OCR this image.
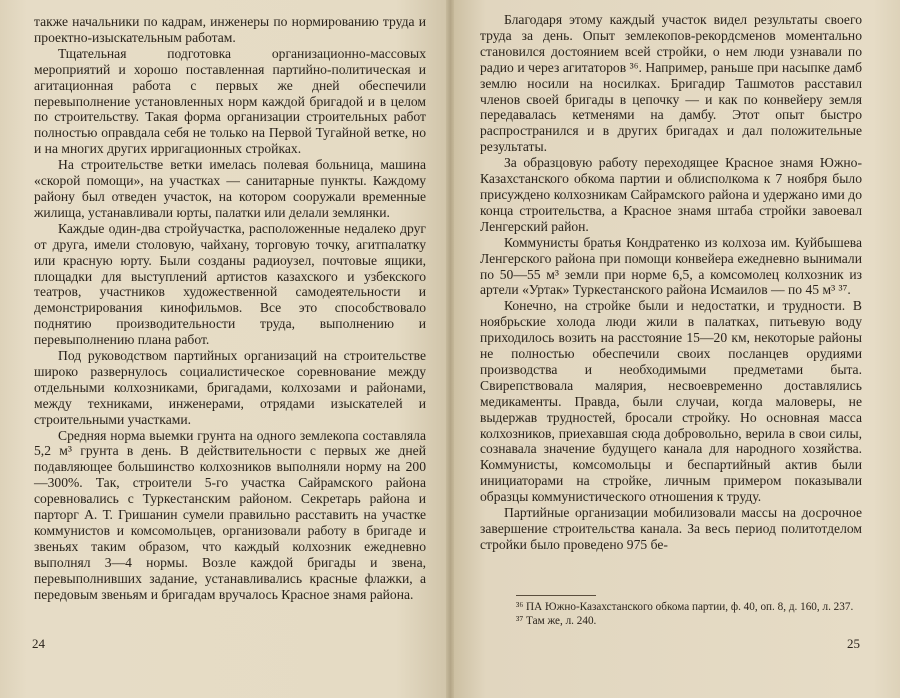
также начальники по кадрам, инженеры по нормированию труда и проектно-изыскательным работам.

Тщательная подготовка организационно-массовых мероприятий и хорошо поставленная партийно-политическая и агитационная работа с первых же дней обеспечили перевыполнение установленных норм каждой бригадой и в целом по строительству. Такая форма организации строительных работ полностью оправдала себя не только на Первой Тугайной ветке, но и на многих других ирригационных стройках.

На строительстве ветки имелась полевая больница, машина «скорой помощи», на участках — санитарные пункты. Каждому району был отведен участок, на котором сооружали временные жилища, устанавливали юрты, палатки или делали землянки.

Каждые один-два стройучастка, расположенные недалеко друг от друга, имели столовую, чайхану, торговую точку, агитпалатку или красную юрту. Были созданы радиоузел, почтовые ящики, площадки для выступлений артистов казахского и узбекского театров, участников художественной самодеятельности и демонстрирования кинофильмов. Все это способствовало поднятию производительности труда, выполнению и перевыполнению плана работ.

Под руководством партийных организаций на строительстве широко развернулось социалистическое соревнование между отдельными колхозниками, бригадами, колхозами и районами, между техниками, инженерами, отрядами изыскателей и строительными участками.

Средняя норма выемки грунта на одного землекопа составляла 5,2 м³ грунта в день. В действительности с первых же дней подавляющее большинство колхозников выполняли норму на 200—300%. Так, строители 5-го участка Сайрамского района соревновались с Туркестанским районом. Секретарь района и парторг А. Т. Гришанин сумели правильно расставить на участке коммунистов и комсомольцев, организовали работу в бригаде и звеньях таким образом, что каждый колхозник ежедневно выполнял 3—4 нормы. Возле каждой бригады и звена, перевыполнивших задание, устанавливались красные флажки, а передовым звеньям и бригадам вручалось Красное знамя района.

24

Благодаря этому каждый участок видел результаты своего труда за день. Опыт землекопов-рекордсменов моментально становился достоянием всей стройки, о нем люди узнавали по радио и через агитаторов ³⁶. Например, раньше при насыпке дамб землю носили на носилках. Бригадир Ташмотов расставил членов своей бригады в цепочку — и как по конвейеру земля передавалась кетменями на дамбу. Этот опыт быстро распространился и в других бригадах и дал положительные результаты.

За образцовую работу переходящее Красное знамя Южно-Казахстанского обкома партии и облисполкома к 7 ноября было присуждено колхозникам Сайрамского района и удержано ими до конца строительства, а Красное знамя штаба стройки завоевал Ленгерский район.

Коммунисты братья Кондратенко из колхоза им. Куйбышева Ленгерского района при помощи конвейера ежедневно вынимали по 50—55 м³ земли при норме 6,5, а комсомолец колхозник из артели «Уртак» Туркестанского района Исмаилов — по 45 м³ ³⁷.

Конечно, на стройке были и недостатки, и трудности. В ноябрьские холода люди жили в палатках, питьевую воду приходилось возить на расстояние 15—20 км, некоторые районы не полностью обеспечили своих посланцев орудиями производства и необходимыми предметами быта. Свирепствовала малярия, несвоевременно доставлялись медикаменты. Правда, были случаи, когда маловеры, не выдержав трудностей, бросали стройку. Но основная масса колхозников, приехавшая сюда добровольно, верила в свои силы, сознавала значение будущего канала для народного хозяйства. Коммунисты, комсомольцы и беспартийный актив были инициаторами на стройке, личным примером показывали образцы коммунистического отношения к труду.

Партийные организации мобилизовали массы на досрочное завершение строительства канала. За весь период политотделом стройки было проведено 975 бе-

³⁶ ПА Южно-Казахстанского обкома партии, ф. 40, оп. 8, д. 160, л. 237.

³⁷ Там же, л. 240.

25
